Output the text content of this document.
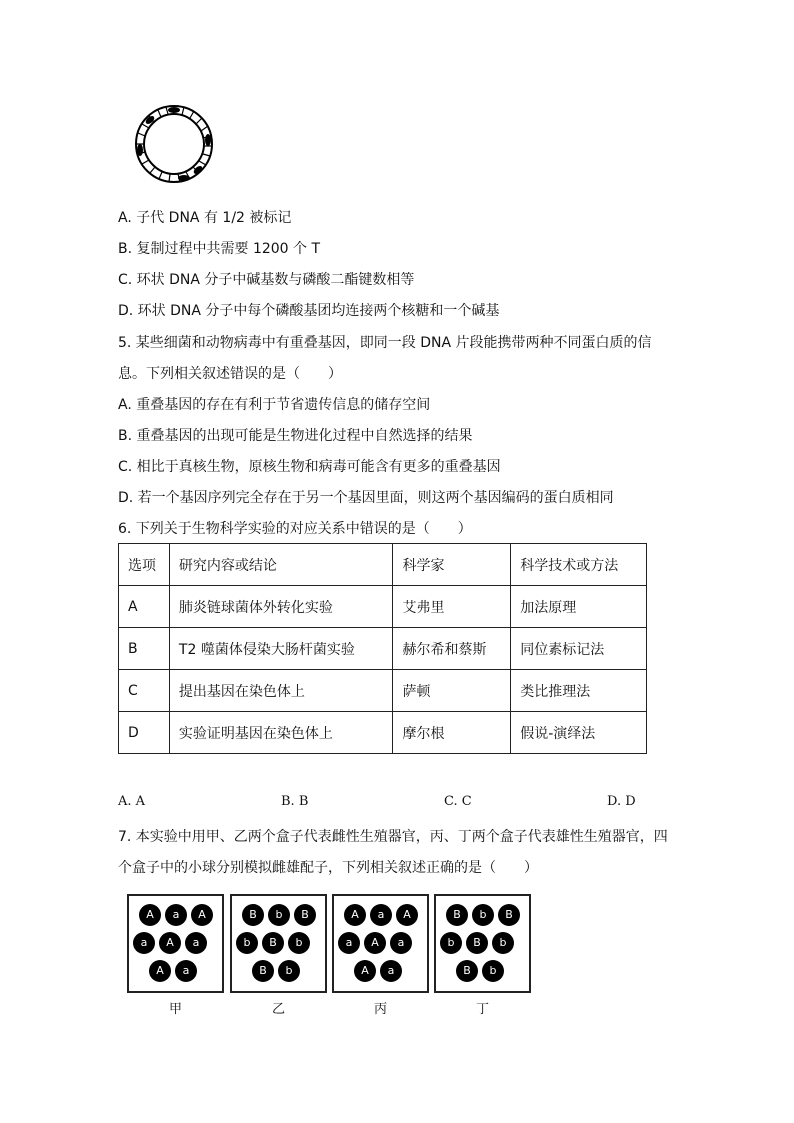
A. 子代 DNA 有 1/2 被标记
B. 复制过程中共需要 1200 个 T
C. 环状 DNA 分子中碱基数与磷酸二酯键数相等
D. 环状 DNA 分子中每个磷酸基团均连接两个核糖和一个碱基
5. 某些细菌和动物病毒中有重叠基因，即同一段 DNA 片段能携带两种不同蛋白质的信
息。下列相关叙述错误的是（　　）
A. 重叠基因的存在有利于节省遗传信息的储存空间
B. 重叠基因的出现可能是生物进化过程中自然选择的结果
C. 相比于真核生物，原核生物和病毒可能含有更多的重叠基因
D. 若一个基因序列完全存在于另一个基因里面，则这两个基因编码的蛋白质相同
6. 下列关于生物科学实验的对应关系中错误的是（　　）
选项	研究内容或结论	科学家	科学技术或方法
A	肺炎链球菌体外转化实验	艾弗里	加法原理
B	T2 噬菌体侵染大肠杆菌实验	赫尔希和蔡斯	同位素标记法
C	提出基因在染色体上	萨顿	类比推理法
D	实验证明基因在染色体上	摩尔根	假说-演绎法
A. A	B. B	C. C	D. D
7. 本实验中用甲、乙两个盒子代表雌性生殖器官，丙、丁两个盒子代表雄性生殖器官，四
个盒子中的小球分别模拟雌雄配子，下列相关叙述正确的是（　　）
A	a	A
a	A	a
A	a
B	b	B
b	B	b
B	b
A	a	A
a	A	a
A	a
B	b	B
b	B	b
B	b
甲	乙	丙	丁
